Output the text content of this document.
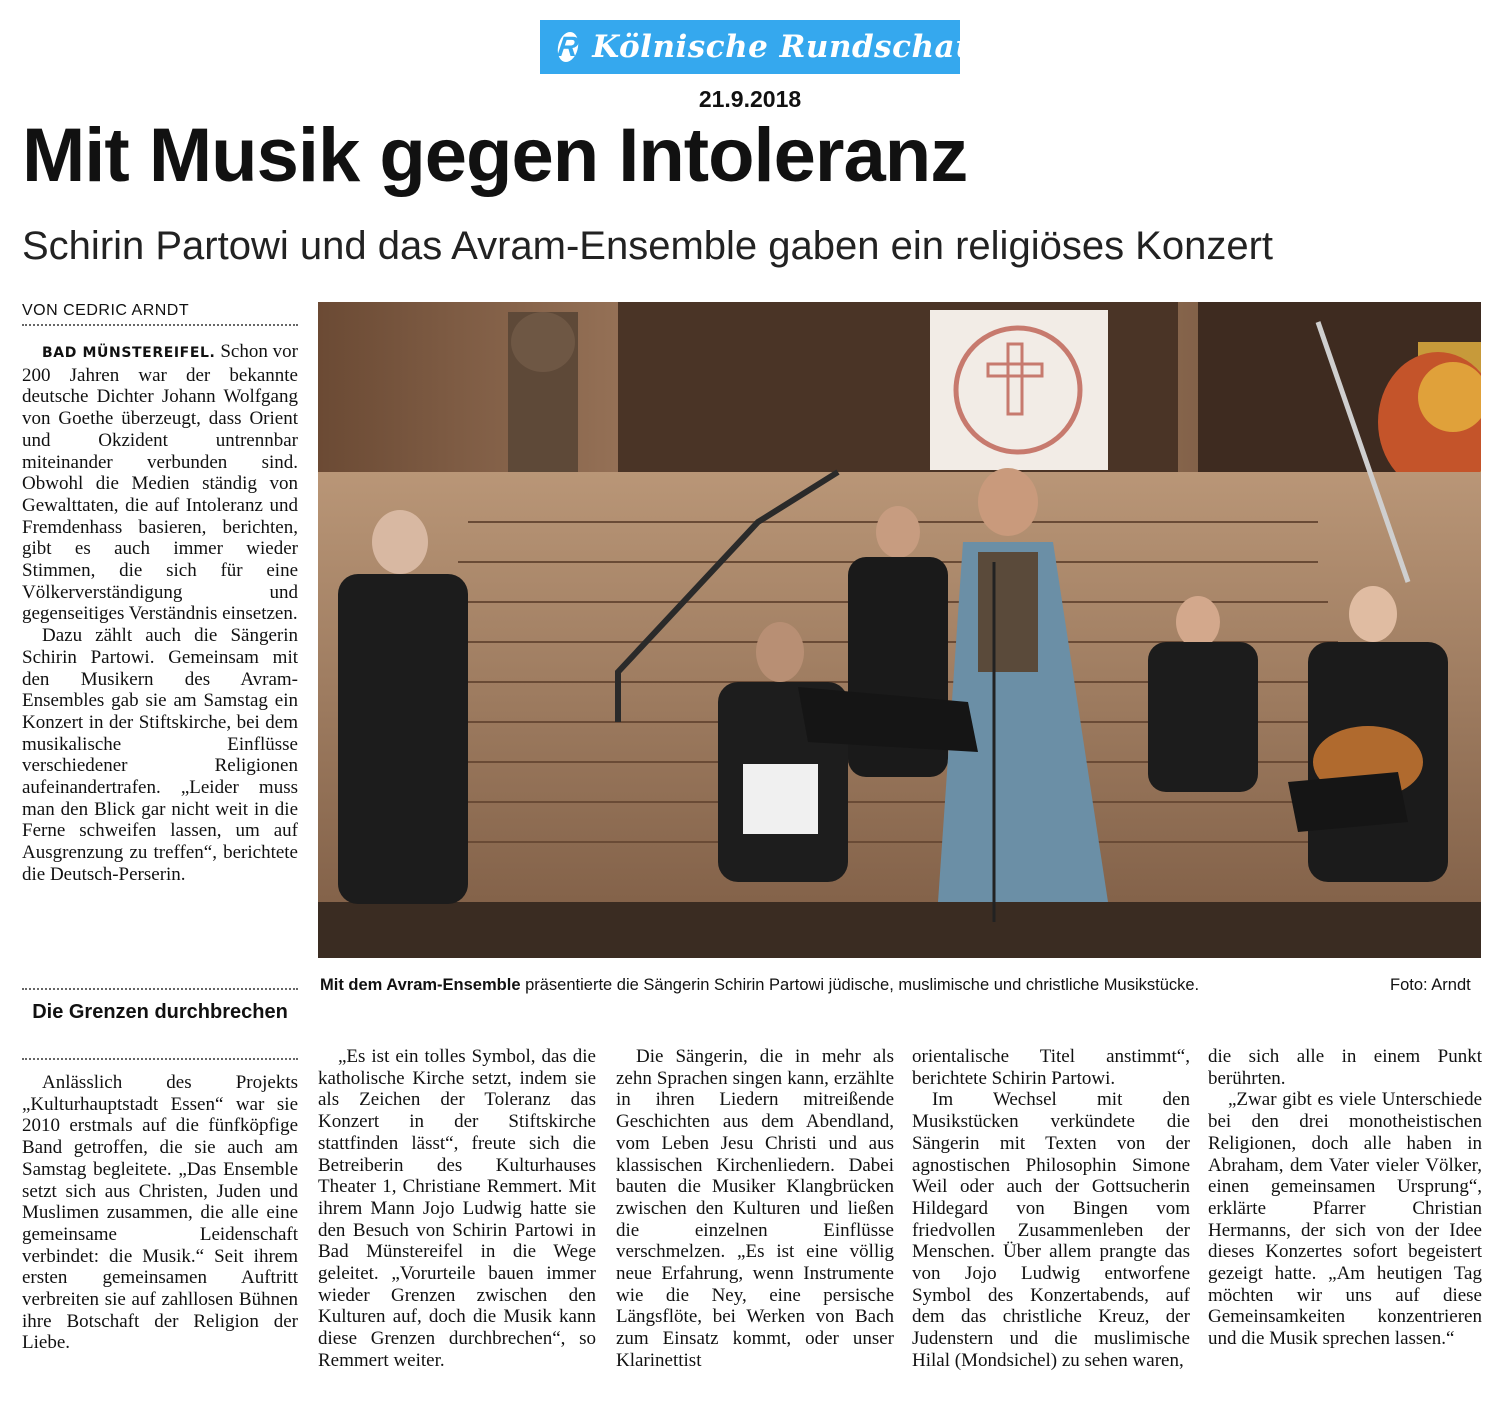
R Kölnische Rundschau
21.9.2018
Mit Musik gegen Intoleranz
Schirin Partowi und das Avram-Ensemble gaben ein religiöses Konzert
VON CEDRIC ARNDT

BAD MÜNSTEREIFEL. Schon vor 200 Jahren war der bekannte deutsche Dichter Johann Wolfgang von Goethe überzeugt, dass Orient und Okzident untrennbar miteinander verbunden sind. Obwohl die Medien ständig von Gewalttaten, die auf Intoleranz und Fremdenhass basieren, berichten, gibt es auch immer wieder Stimmen, die sich für eine Völkerverständigung und gegenseitiges Verständnis einsetzen.

Dazu zählt auch die Sängerin Schirin Partowi. Gemeinsam mit den Musikern des Avram-Ensembles gab sie am Samstag ein Konzert in der Stiftskirche, bei dem musikalische Einflüsse verschiedener Religionen aufeinandertrafen. „Leider muss man den Blick gar nicht weit in die Ferne schweifen lassen, um auf Ausgrenzung zu treffen“, berichtete die Deutsch-Perserin.

Mit dem Avram-Ensemble präsentierte die Sängerin Schirin Partowi jüdische, muslimische und christliche Musikstücke.	Foto: Arndt
Die Grenzen durchbrechen

Anlässlich des Projekts „Kulturhauptstadt Essen“ war sie 2010 erstmals auf die fünfköpfige Band getroffen, die sie auch am Samstag begleitete. „Das Ensemble setzt sich aus Christen, Juden und Muslimen zusammen, die alle eine gemeinsame Leidenschaft verbindet: die Musik.“ Seit ihrem ersten gemeinsamen Auftritt verbreiten sie auf zahllosen Bühnen ihre Botschaft der Religion der Liebe.

„Es ist ein tolles Symbol, das die katholische Kirche setzt, indem sie als Zeichen der Toleranz das Konzert in der Stiftskirche stattfinden lässt“, freute sich die Betreiberin des Kulturhauses Theater 1, Christiane Remmert. Mit ihrem Mann Jojo Ludwig hatte sie den Besuch von Schirin Partowi in Bad Münstereifel in die Wege geleitet. „Vorurteile bauen immer wieder Grenzen zwischen den Kulturen auf, doch die Musik kann diese Grenzen durchbrechen“, so Remmert weiter.

Die Sängerin, die in mehr als zehn Sprachen singen kann, erzählte in ihren Liedern mitreißende Geschichten aus dem Abendland, vom Leben Jesu Christi und aus klassischen Kirchenliedern. Dabei bauten die Musiker Klangbrücken zwischen den Kulturen und ließen die einzelnen Einflüsse verschmelzen. „Es ist eine völlig neue Erfahrung, wenn Instrumente wie die Ney, eine persische Längsflöte, bei Werken von Bach zum Einsatz kommt, oder unser Klarinettist

orientalische Titel anstimmt“, berichtete Schirin Partowi.

Im Wechsel mit den Musikstücken verkündete die Sängerin mit Texten von der agnostischen Philosophin Simone Weil oder auch der Gottsucherin Hildegard von Bingen vom friedvollen Zusammenleben der Menschen. Über allem prangte das von Jojo Ludwig entworfene Symbol des Konzertabends, auf dem das christliche Kreuz, der Judenstern und die muslimische Hilal (Mondsichel) zu sehen waren,

die sich alle in einem Punkt berührten.

„Zwar gibt es viele Unterschiede bei den drei monotheistischen Religionen, doch alle haben in Abraham, dem Vater vieler Völker, einen gemeinsamen Ursprung“, erklärte Pfarrer Christian Hermanns, der sich von der Idee dieses Konzertes sofort begeistert gezeigt hatte. „Am heutigen Tag möchten wir uns auf diese Gemeinsamkeiten konzentrieren und die Musik sprechen lassen.“
